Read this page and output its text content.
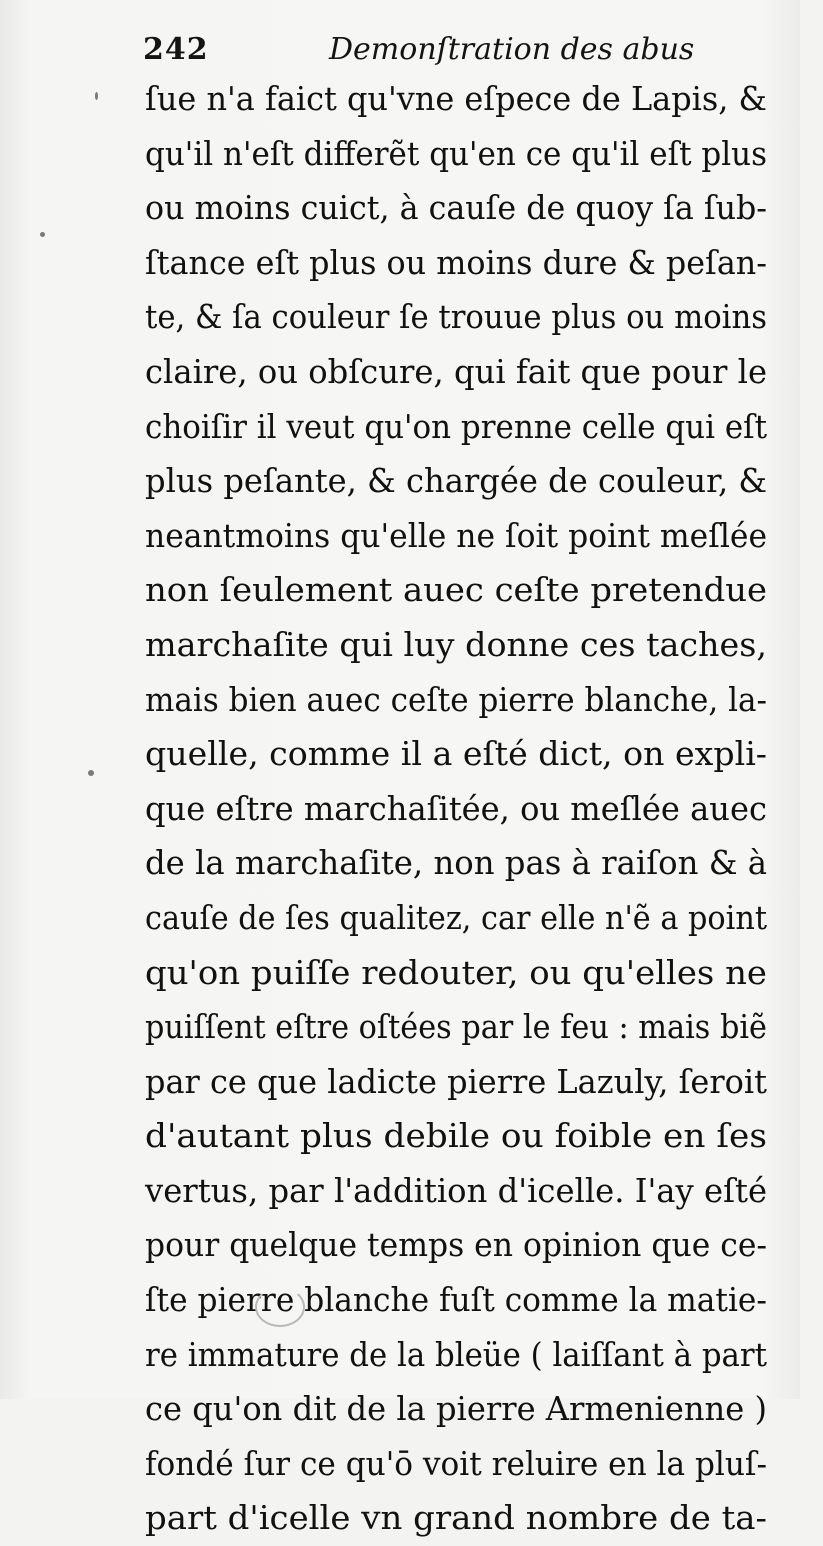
242	Demonſtration des abus
ſue n'a faict qu'vne eſpece de Lapis, &
qu'il n'eſt differẽt qu'en ce qu'il eſt plus
ou moins cuict, à cauſe de quoy ſa ſub-
ſtance eſt plus ou moins dure & peſan-
te, & ſa couleur ſe trouue plus ou moins
claire, ou obſcure, qui fait que pour le
choiſir il veut qu'on prenne celle qui eſt
plus peſante, & chargée de couleur, &
neantmoins qu'elle ne ſoit point meſlée
non ſeulement auec ceſte pretendue
marchaſite qui luy donne ces taches,
mais bien auec ceſte pierre blanche, la-
quelle, comme il a eſté dict, on expli-
que eſtre marchaſitée, ou meſlée auec
de la marchaſite, non pas à raiſon & à
cauſe de ſes qualitez, car elle n'ẽ a point
qu'on puiſſe redouter, ou qu'elles ne
puiſſent eſtre oſtées par le feu : mais biẽ
par ce que ladicte pierre Lazuly, ſeroit
d'autant plus debile ou foible en ſes
vertus, par l'addition d'icelle. I'ay eſté
pour quelque temps en opinion que ce-
ſte pierre blanche fuſt comme la matie-
re immature de la bleüe ( laiſſant à part
ce qu'on dit de la pierre Armenienne )
fondé ſur ce qu'ō voit reluire en la pluſ-
part d'icelle vn grand nombre de ta-
